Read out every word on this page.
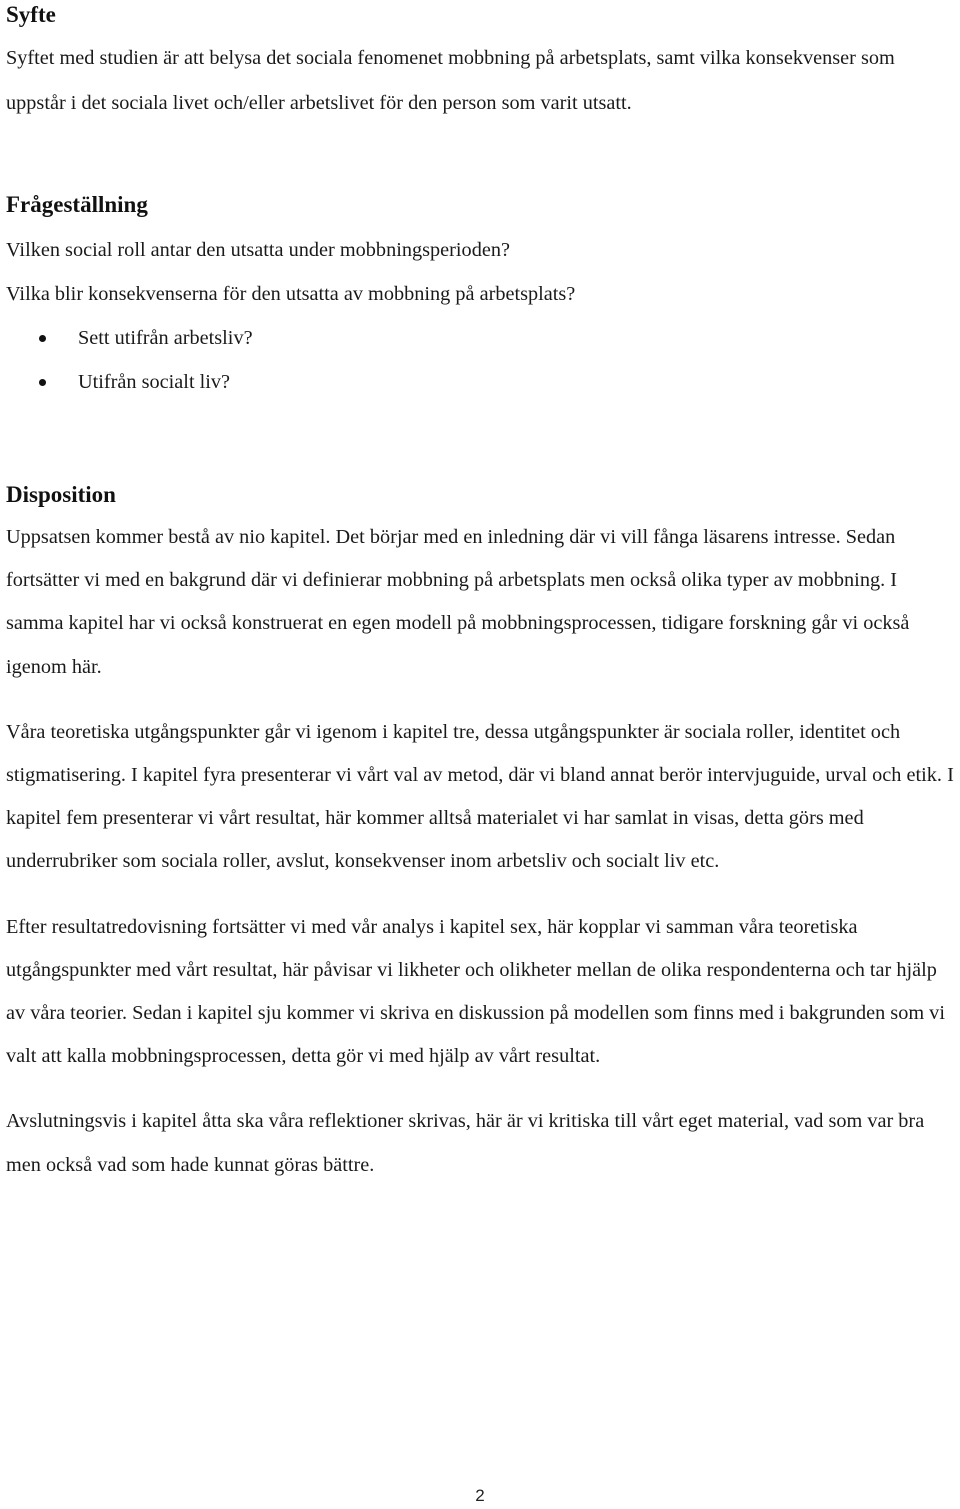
Syfte

Syftet med studien är att belysa det sociala fenomenet mobbning på arbetsplats, samt vilka konsekvenser som uppstår i det sociala livet och/eller arbetslivet för den person som varit utsatt.

Frågeställning

Vilken social roll antar den utsatta under mobbningsperioden?

Vilka blir konsekvenserna för den utsatta av mobbning på arbetsplats?

Sett utifrån arbetsliv?
Utifrån socialt liv?
Disposition

Uppsatsen kommer bestå av nio kapitel. Det börjar med en inledning där vi vill fånga läsarens intresse. Sedan fortsätter vi med en bakgrund där vi definierar mobbning på arbetsplats men också olika typer av mobbning. I samma kapitel har vi också konstruerat en egen modell på mobbningsprocessen, tidigare forskning går vi också igenom här.

Våra teoretiska utgångspunkter går vi igenom i kapitel tre, dessa utgångspunkter är sociala roller, identitet och stigmatisering. I kapitel fyra presenterar vi vårt val av metod, där vi bland annat berör intervjuguide, urval och etik. I kapitel fem presenterar vi vårt resultat, här kommer alltså materialet vi har samlat in visas, detta görs med underrubriker som sociala roller, avslut, konsekvenser inom arbetsliv och socialt liv etc.

Efter resultatredovisning fortsätter vi med vår analys i kapitel sex, här kopplar vi samman våra teoretiska utgångspunkter med vårt resultat, här påvisar vi likheter och olikheter mellan de olika respondenterna och tar hjälp av våra teorier. Sedan i kapitel sju kommer vi skriva en diskussion på modellen som finns med i bakgrunden som vi valt att kalla mobbningsprocessen, detta gör vi med hjälp av vårt resultat.

Avslutningsvis i kapitel åtta ska våra reflektioner skrivas, här är vi kritiska till vårt eget material, vad som var bra men också vad som hade kunnat göras bättre.

2
